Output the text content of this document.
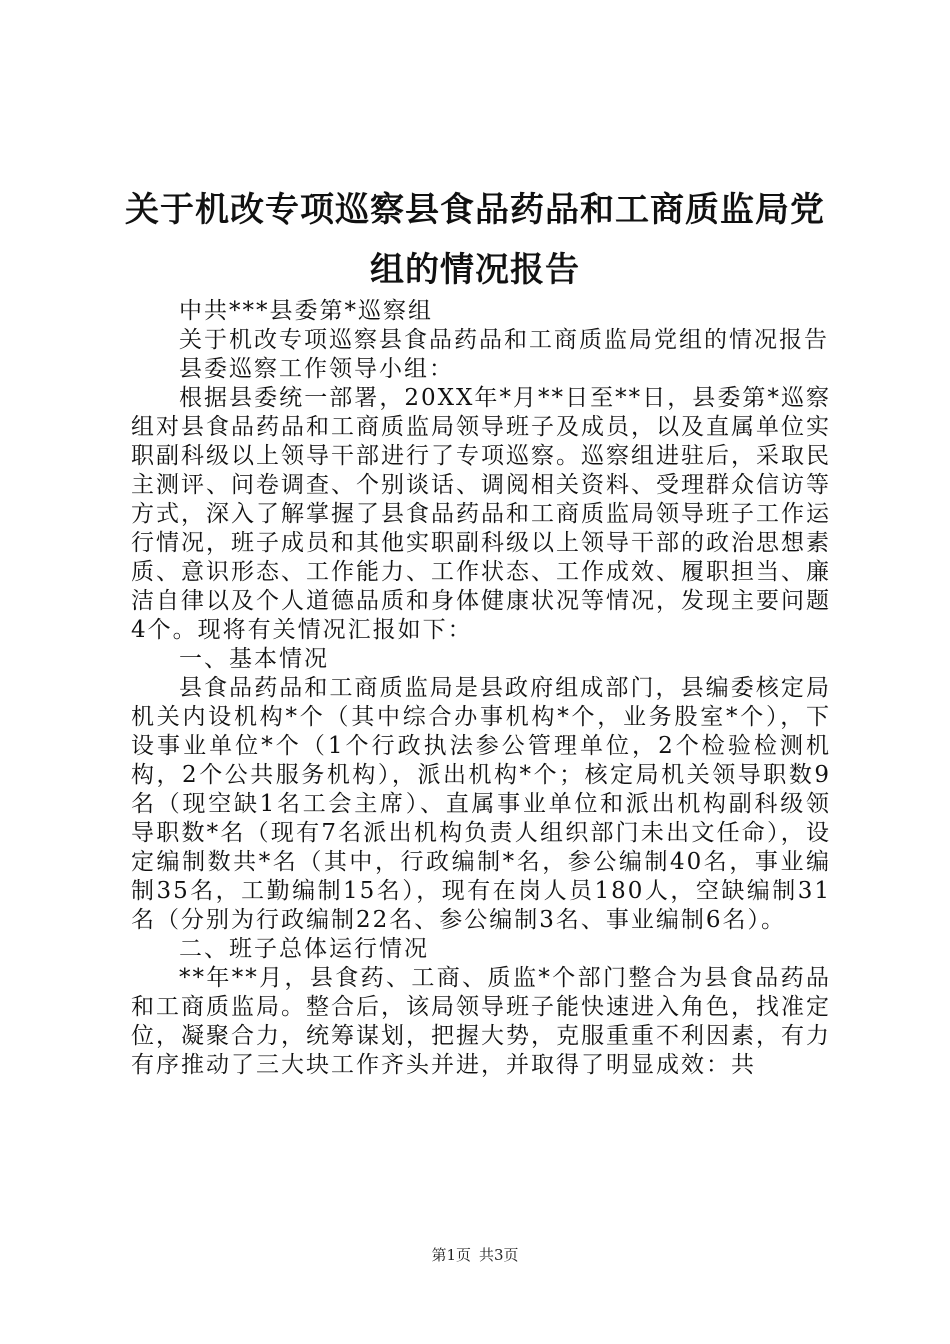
关于机改专项巡察县食品药品和工商质监局党组的情况报告

中共***县委第*巡察组

关于机改专项巡察县食品药品和工商质监局党组的情况报告

县委巡察工作领导小组：

根据县委统一部署，20XX年*月**日至**日，县委第*巡察组对县食品药品和工商质监局领导班子及成员，以及直属单位实职副科级以上领导干部进行了专项巡察。巡察组进驻后，采取民主测评、问卷调查、个别谈话、调阅相关资料、受理群众信访等方式，深入了解掌握了县食品药品和工商质监局领导班子工作运行情况，班子成员和其他实职副科级以上领导干部的政治思想素质、意识形态、工作能力、工作状态、工作成效、履职担当、廉洁自律以及个人道德品质和身体健康状况等情况，发现主要问题4个。现将有关情况汇报如下：

一、基本情况

县食品药品和工商质监局是县政府组成部门，县编委核定局机关内设机构*个（其中综合办事机构*个，业务股室*个），下设事业单位*个（1个行政执法参公管理单位，2个检验检测机构，2个公共服务机构），派出机构*个；核定局机关领导职数9名（现空缺1名工会主席）、直属事业单位和派出机构副科级领导职数*名（现有7名派出机构负责人组织部门未出文任命），设定编制数共*名（其中，行政编制*名，参公编制40名，事业编制35名，工勤编制15名），现有在岗人员180人，空缺编制31名（分别为行政编制22名、参公编制3名、事业编制6名）。

二、班子总体运行情况

**年**月，县食药、工商、质监*个部门整合为县食品药品和工商质监局。整合后，该局领导班子能快速进入角色，找准定位，凝聚合力，统筹谋划，把握大势，克服重重不利因素，有力有序推动了三大块工作齐头并进，并取得了明显成效：共

第1页 共3页
